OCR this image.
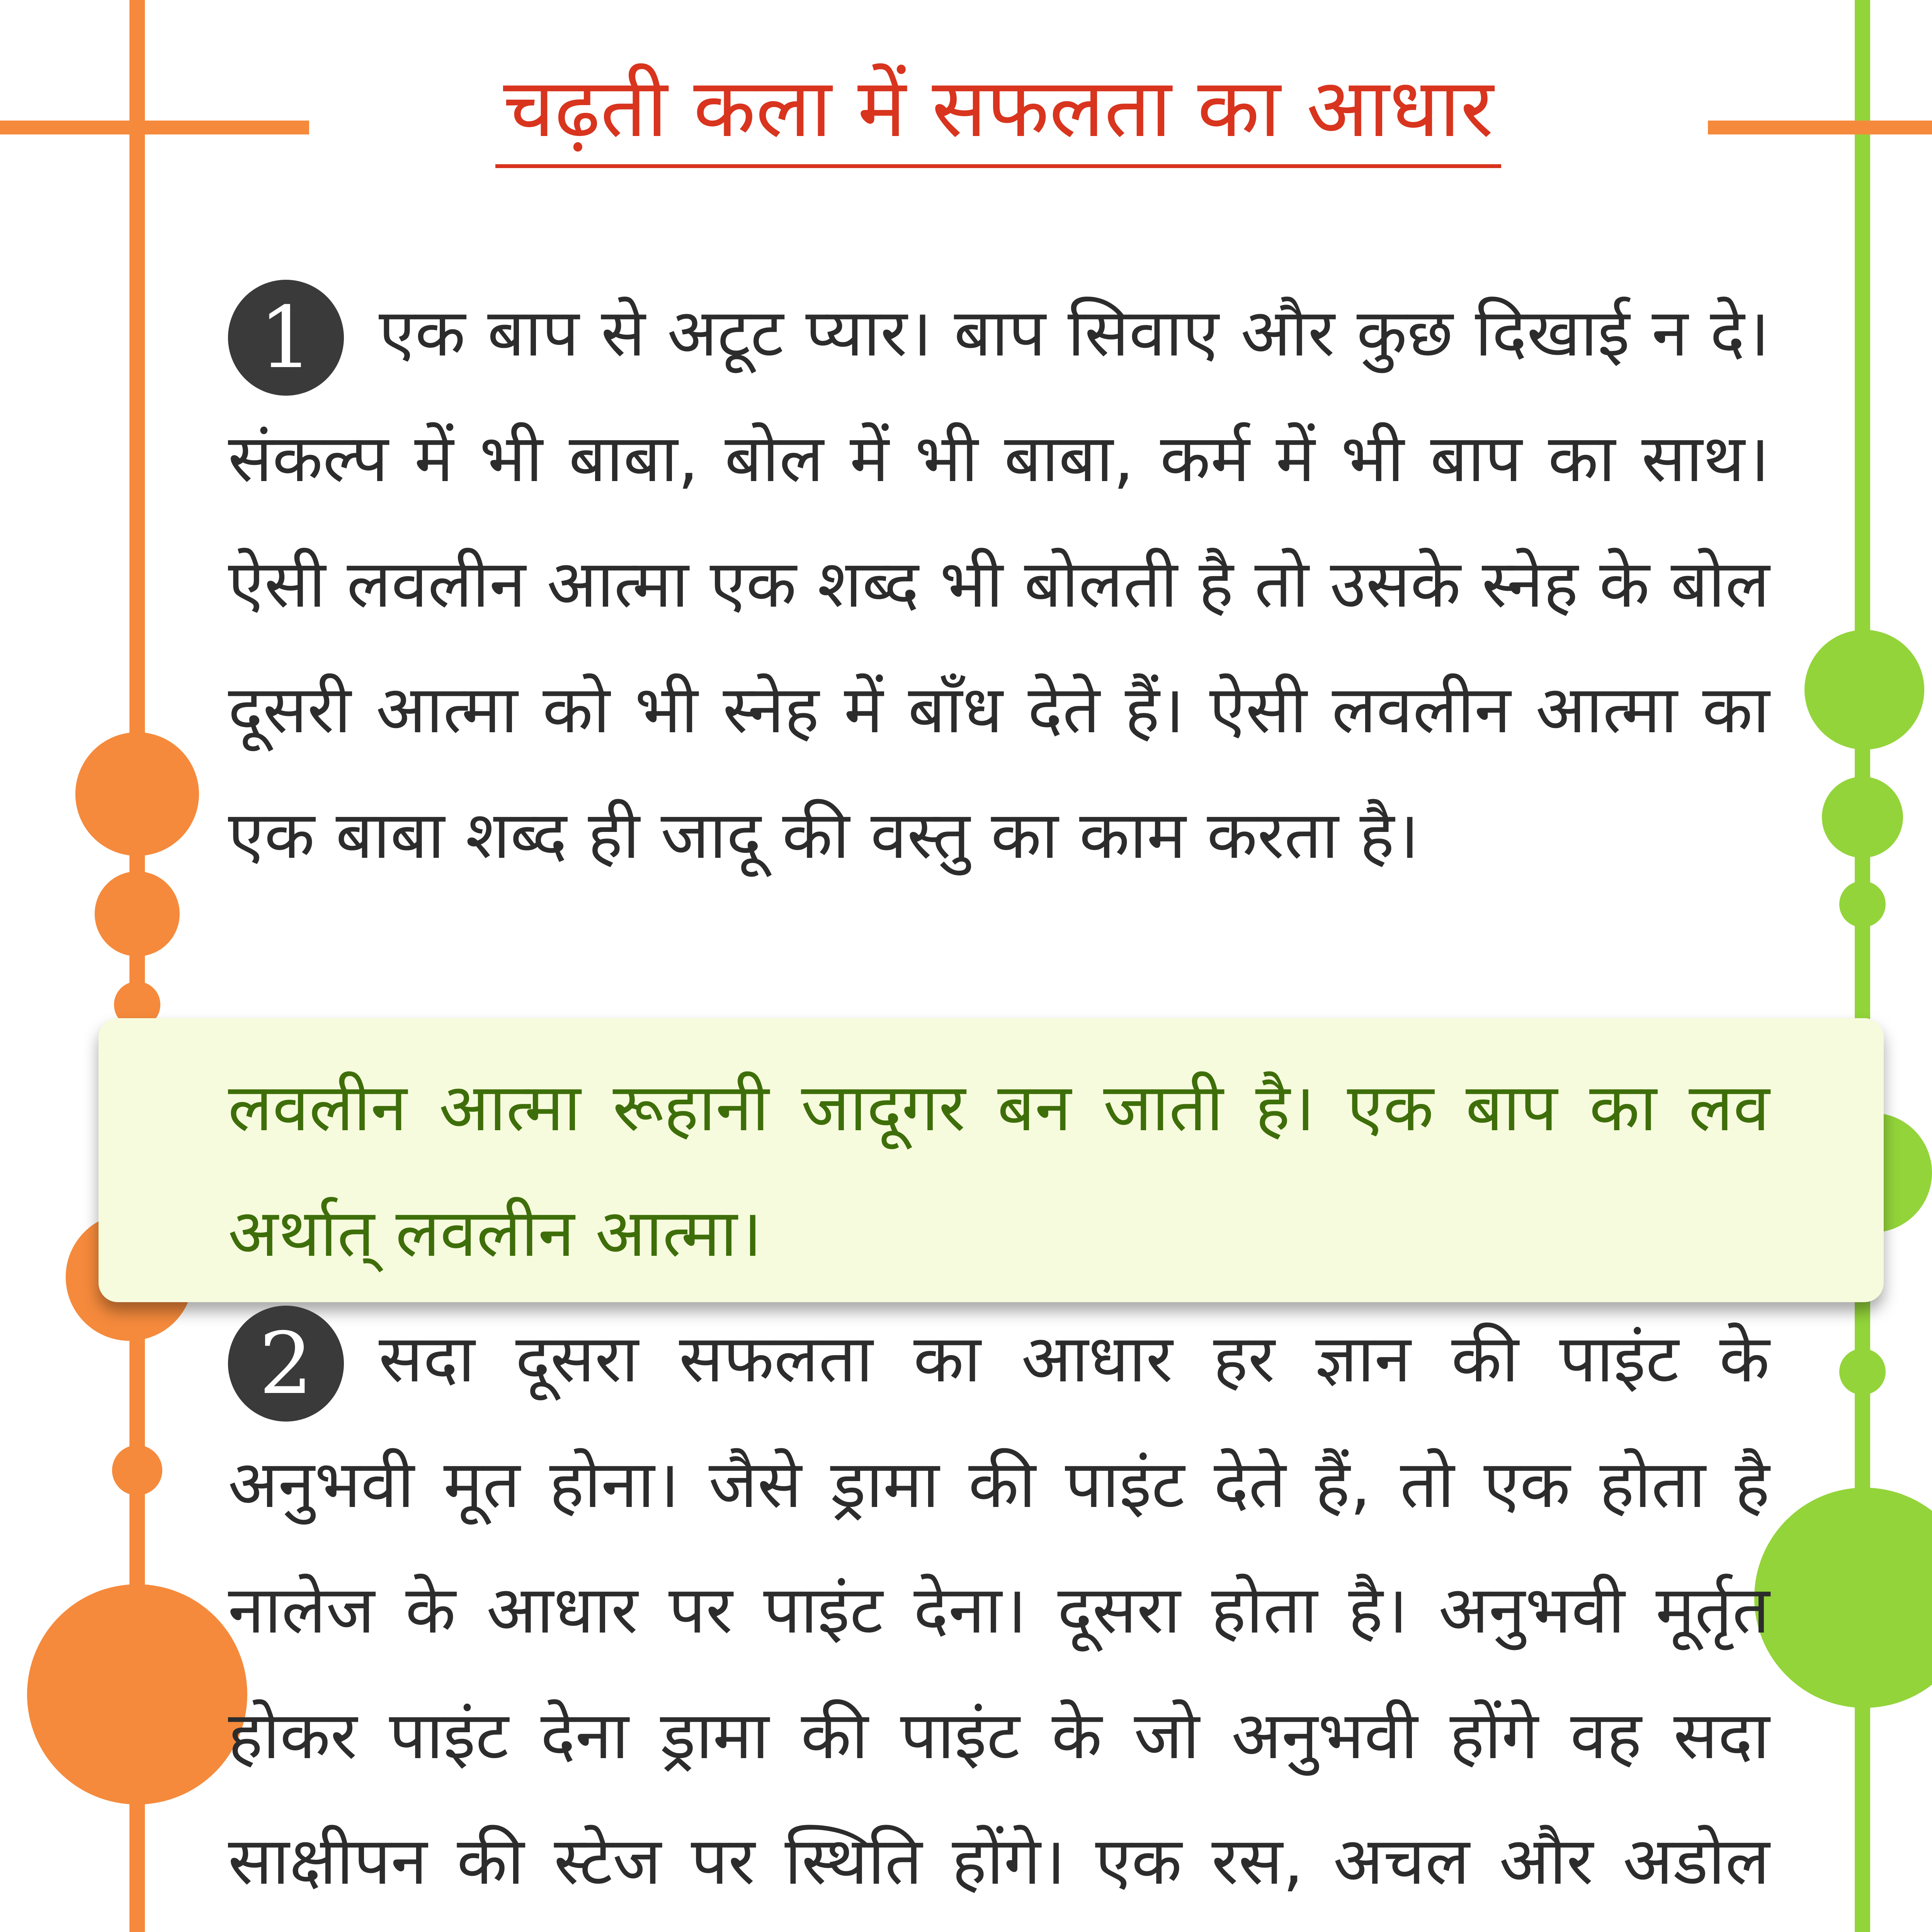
चढ़ती कला में सफलता का आधार
1 एक बाप से अटूट प्यार। बाप सिवाए और कुछ दिखाई न दे। संकल्प में भी बाबा, बोल में भी बाबा, कर्म में भी बाप का साथ। ऐसी लवलीन आत्मा एक शब्द भी बोलती है तो उसके स्नेह के बोल दूसरी आत्मा को भी स्नेह में बाँध देते हैं। ऐसी लवलीन आत्मा का एक बाबा शब्द ही जादू की वस्तु का काम करता है।

लवलीन आत्मा रूहानी जादूगर बन जाती है। एक बाप का लव अर्थात् लवलीन आत्मा।

2 सदा दूसरा सफलता का आधार हर ज्ञान की पाइंट के अनुभवी मूत होना। जैसे ड्रामा की पाइंट देते हैं, तो एक होता है नालेज के आधार पर पाइंट देना। दूसरा होता है। अनुभवी मूर्तृत होकर पाइंट देना ड्रामा की पाइंट के जो अनुभवी होंगे वह सदा साक्षीपन की स्टेज पर स्थिति होंगे। एक रस, अचल और अडोल
